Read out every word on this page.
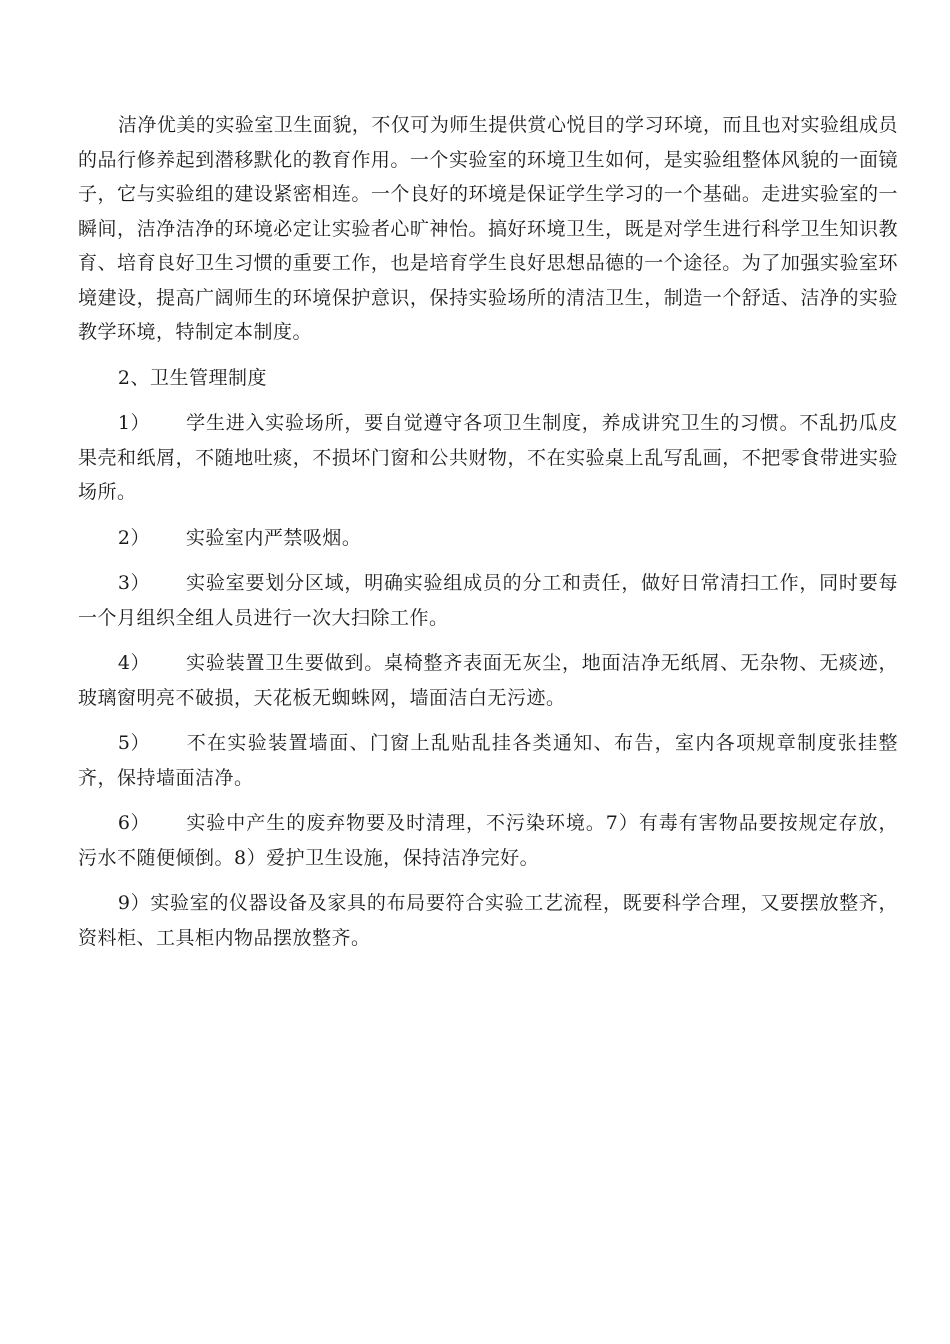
洁净优美的实验室卫生面貌，不仅可为师生提供赏心悦目的学习环境，而且也对实验组成员的品行修养起到潜移默化的教育作用。一个实验室的环境卫生如何，是实验组整体风貌的一面镜子，它与实验组的建设紧密相连。一个良好的环境是保证学生学习的一个基础。走进实验室的一瞬间，洁净洁净的环境必定让实验者心旷神怡。搞好环境卫生，既是对学生进行科学卫生知识教育、培育良好卫生习惯的重要工作，也是培育学生良好思想品德的一个途径。为了加强实验室环境建设，提高广阔师生的环境保护意识，保持实验场所的清洁卫生，制造一个舒适、洁净的实验教学环境，特制定本制度。

2、卫生管理制度

1） 学生进入实验场所，要自觉遵守各项卫生制度，养成讲究卫生的习惯。不乱扔瓜皮果壳和纸屑，不随地吐痰，不损坏门窗和公共财物，不在实验桌上乱写乱画，不把零食带进实验场所。

2） 实验室内严禁吸烟。

3） 实验室要划分区域，明确实验组成员的分工和责任，做好日常清扫工作，同时要每一个月组织全组人员进行一次大扫除工作。

4） 实验装置卫生要做到。桌椅整齐表面无灰尘，地面洁净无纸屑、无杂物、无痰迹，玻璃窗明亮不破损，天花板无蜘蛛网，墙面洁白无污迹。

5） 不在实验装置墙面、门窗上乱贴乱挂各类通知、布告，室内各项规章制度张挂整齐，保持墙面洁净。

6） 实验中产生的废弃物要及时清理，不污染环境。7）有毒有害物品要按规定存放，污水不随便倾倒。8）爱护卫生设施，保持洁净完好。

9）实验室的仪器设备及家具的布局要符合实验工艺流程，既要科学合理，又要摆放整齐，资料柜、工具柜内物品摆放整齐。
